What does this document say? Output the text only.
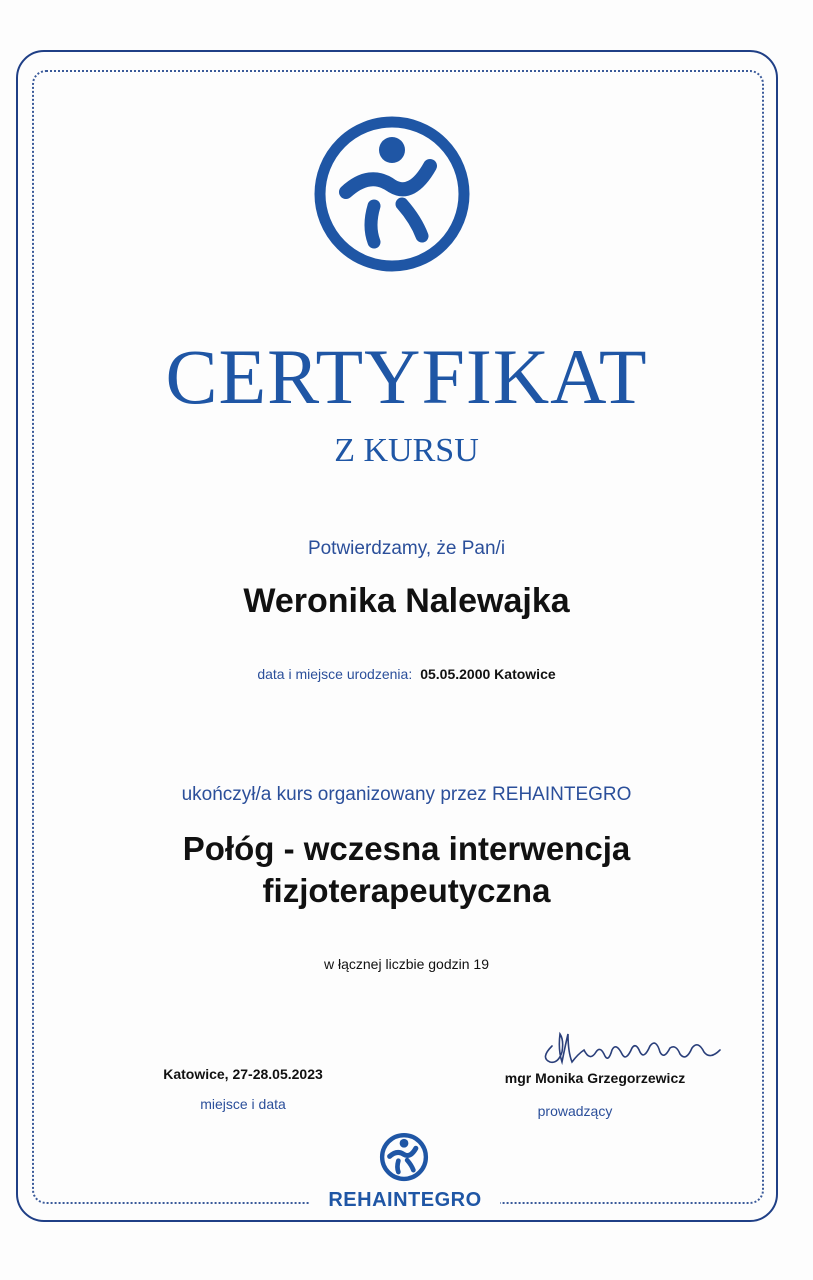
CERTYFIKAT
Z KURSU
Potwierdzamy, że Pan/i
Weronika Nalewajka
data i miejsce urodzenia: 05.05.2000 Katowice
ukończył/a kurs organizowany przez REHAINTEGRO
Połóg - wczesna interwencja
fizjoterapeutyczna
w łącznej liczbie godzin 19
Katowice, 27-28.05.2023
miejsce i data
mgr Monika Grzegorzewicz
prowadzący
REHAINTEGRO
